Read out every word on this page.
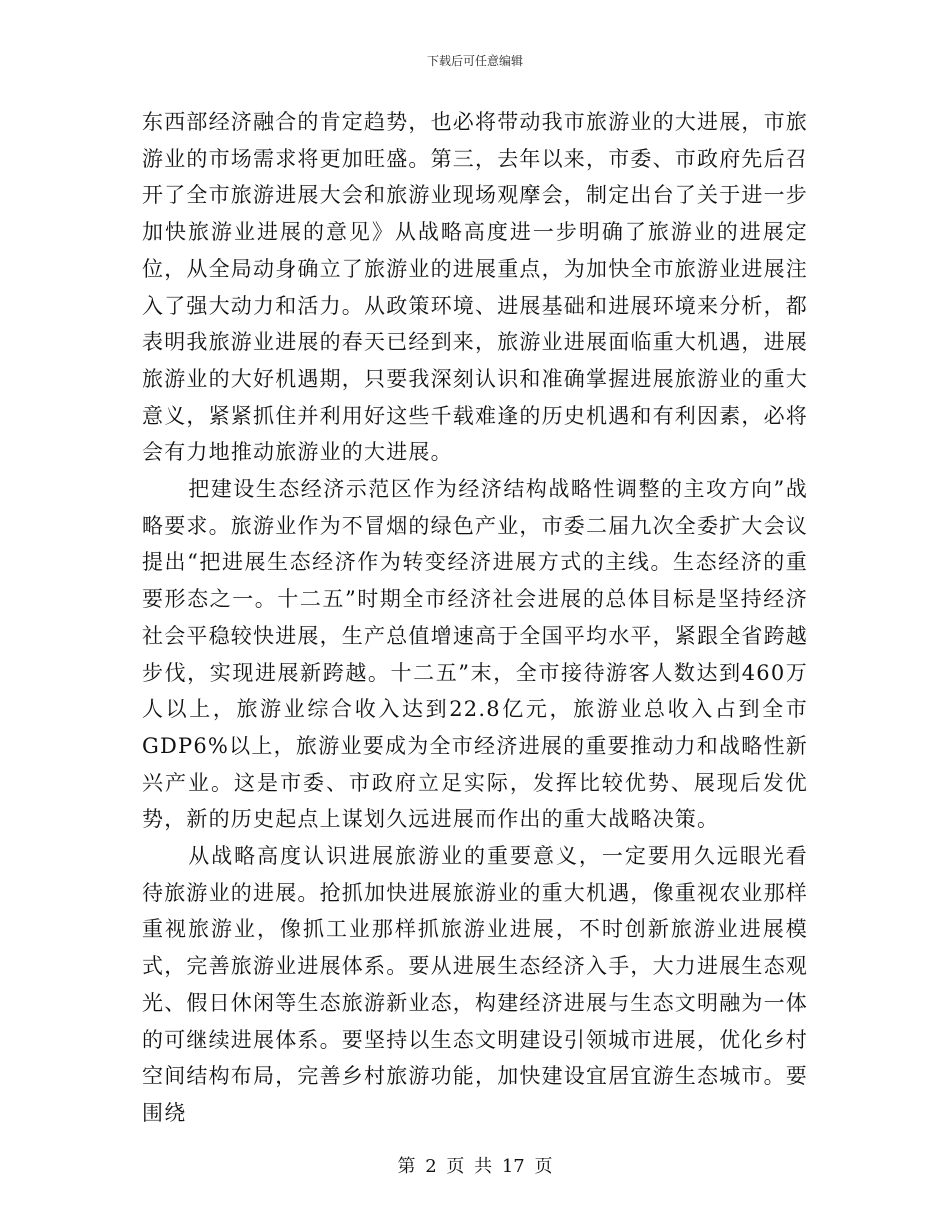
下载后可任意编辑

东西部经济融合的肯定趋势，也必将带动我市旅游业的大进展，市旅游业的市场需求将更加旺盛。第三，去年以来，市委、市政府先后召开了全市旅游进展大会和旅游业现场观摩会，制定出台了关于进一步加快旅游业进展的意见》从战略高度进一步明确了旅游业的进展定位，从全局动身确立了旅游业的进展重点，为加快全市旅游业进展注入了强大动力和活力。从政策环境、进展基础和进展环境来分析，都表明我旅游业进展的春天已经到来，旅游业进展面临重大机遇，进展旅游业的大好机遇期，只要我深刻认识和准确掌握进展旅游业的重大意义，紧紧抓住并利用好这些千载难逢的历史机遇和有利因素，必将会有力地推动旅游业的大进展。

把建设生态经济示范区作为经济结构战略性调整的主攻方向”战略要求。旅游业作为不冒烟的绿色产业，市委二届九次全委扩大会议提出“把进展生态经济作为转变经济进展方式的主线。生态经济的重要形态之一。十二五”时期全市经济社会进展的总体目标是坚持经济社会平稳较快进展，生产总值增速高于全国平均水平，紧跟全省跨越步伐，实现进展新跨越。十二五”末，全市接待游客人数达到460万人以上，旅游业综合收入达到22.8亿元，旅游业总收入占到全市GDP6%以上，旅游业要成为全市经济进展的重要推动力和战略性新兴产业。这是市委、市政府立足实际，发挥比较优势、展现后发优势，新的历史起点上谋划久远进展而作出的重大战略决策。

从战略高度认识进展旅游业的重要意义，一定要用久远眼光看待旅游业的进展。抢抓加快进展旅游业的重大机遇，像重视农业那样重视旅游业，像抓工业那样抓旅游业进展，不时创新旅游业进展模式，完善旅游业进展体系。要从进展生态经济入手，大力进展生态观光、假日休闲等生态旅游新业态，构建经济进展与生态文明融为一体的可继续进展体系。要坚持以生态文明建设引领城市进展，优化乡村空间结构布局，完善乡村旅游功能，加快建设宜居宜游生态城市。要围绕

第 2 页 共 17 页
